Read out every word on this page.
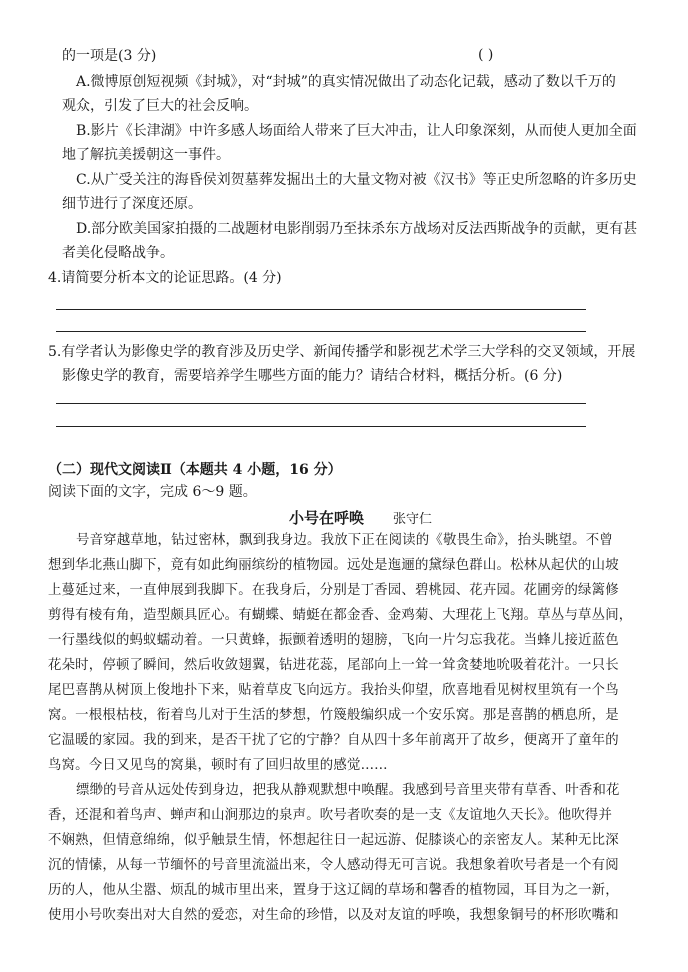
的一项是(3 分)	( )
A.微博原创短视频《封城》，对“封城”的真实情况做出了动态化记载，感动了数以千万的
观众，引发了巨大的社会反响。
B.影片《长津湖》中许多感人场面给人带来了巨大冲击，让人印象深刻，从而使人更加全面
地了解抗美援朝这一事件。
C.从广受关注的海昏侯刘贺墓葬发掘出土的大量文物对被《汉书》等正史所忽略的许多历史
细节进行了深度还原。
D.部分欧美国家拍摄的二战题材电影削弱乃至抹杀东方战场对反法西斯战争的贡献，更有甚
者美化侵略战争。
4.请简要分析本文的论证思路。(4 分)
5.有学者认为影像史学的教育涉及历史学、新闻传播学和影视艺术学三大学科的交叉领域，开展
影像史学的教育，需要培养学生哪些方面的能力？请结合材料，概括分析。(6 分)
（二）现代文阅读Ⅱ（本题共 4 小题，16 分）
阅读下面的文字，完成 6～9 题。
小号在呼唤 张守仁
号音穿越草地，钻过密林，飘到我身边。我放下正在阅读的《敬畏生命》，抬头眺望。不曾
想到华北燕山脚下，竟有如此绚丽缤纷的植物园。远处是迤逦的黛绿色群山。松林从起伏的山坡
上蔓延过来，一直伸展到我脚下。在我身后，分别是丁香园、碧桃园、花卉园。花圃旁的绿篱修
剪得有棱有角，造型颇具匠心。有蝴蝶、蜻蜓在都金香、金鸡菊、大理花上飞翔。草丛与草丛间，
一行墨线似的蚂蚁蠕动着。一只黄蜂，振颤着透明的翅膀，飞向一片匀忘我花。当蜂儿接近蓝色
花朵时，停顿了瞬间，然后收敛翅翼，钻进花蕊，尾部向上一耸一耸贪婪地吮吸着花汁。一只长
尾巴喜鹊从树顶上俊地扑下来，贴着草皮飞向远方。我抬头仰望，欣喜地看见树杈里筑有一个鸟
窝。一根根枯枝，衔着鸟儿对于生活的梦想，竹篾般编织成一个安乐窝。那是喜鹊的栖息所，是
它温暖的家园。我的到来，是否干扰了它的宁静？自从四十多年前离开了故乡，便离开了童年的
鸟窝。今日又见鸟的窝巢，顿时有了回归故里的感觉……
缥缈的号音从远处传到身边，把我从静观默想中唤醒。我感到号音里夹带有草香、叶香和花
香，还混和着鸟声、蝉声和山涧那边的泉声。吹号者吹奏的是一支《友谊地久天长》。他吹得并
不娴熟，但情意绵绵，似乎触景生情，怀想起往日一起远游、促膝谈心的亲密友人。某种无比深
沉的情愫，从每一节缅怀的号音里流溢出来，令人感动得无可言说。我想象着吹号者是一个有阅
历的人，他从尘嚣、烦乱的城市里出来，置身于这辽阔的草场和馨香的植物园，耳目为之一新，
使用小号吹奏出对大自然的爱恋，对生命的珍惜，以及对友谊的呼唤，我想象铜号的杯形吹嘴和
